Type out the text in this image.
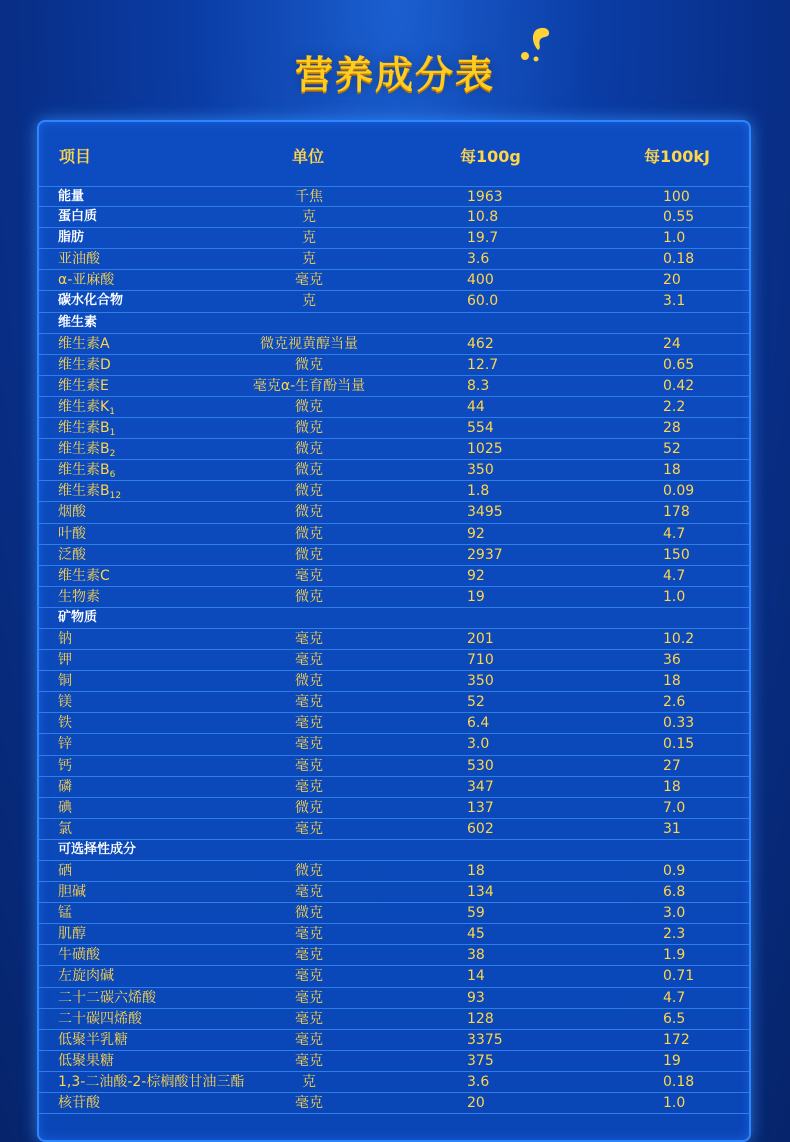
营养成分表
项目	单位	每100g	每100kJ
能量	千焦	1963	100
蛋白质	克	10.8	0.55
脂肪	克	19.7	1.0
亚油酸	克	3.6	0.18
α-亚麻酸	毫克	400	20
碳水化合物	克	60.0	3.1
维生素
维生素A	微克视黄醇当量	462	24
维生素D	微克	12.7	0.65
维生素E	毫克α-生育酚当量	8.3	0.42
维生素$K_1$	微克	44	2.2
维生素$B_1$	微克	554	28
维生素$B_2$	微克	1025	52
维生素$B_6$	微克	350	18
维生素$B_{12}$	微克	1.8	0.09
烟酸	微克	3495	178
叶酸	微克	92	4.7
泛酸	微克	2937	150
维生素C	毫克	92	4.7
生物素	微克	19	1.0
矿物质
钠	毫克	201	10.2
钾	毫克	710	36
铜	微克	350	18
镁	毫克	52	2.6
铁	毫克	6.4	0.33
锌	毫克	3.0	0.15
钙	毫克	530	27
磷	毫克	347	18
碘	微克	137	7.0
氯	毫克	602	31
可选择性成分
硒	微克	18	0.9
胆碱	毫克	134	6.8
锰	微克	59	3.0
肌醇	毫克	45	2.3
牛磺酸	毫克	38	1.9
左旋肉碱	毫克	14	0.71
二十二碳六烯酸	毫克	93	4.7
二十碳四烯酸	毫克	128	6.5
低聚半乳糖	毫克	3375	172
低聚果糖	毫克	375	19
1,3-二油酸-2-棕榈酸甘油三酯	克	3.6	0.18
核苷酸	毫克	20	1.0
